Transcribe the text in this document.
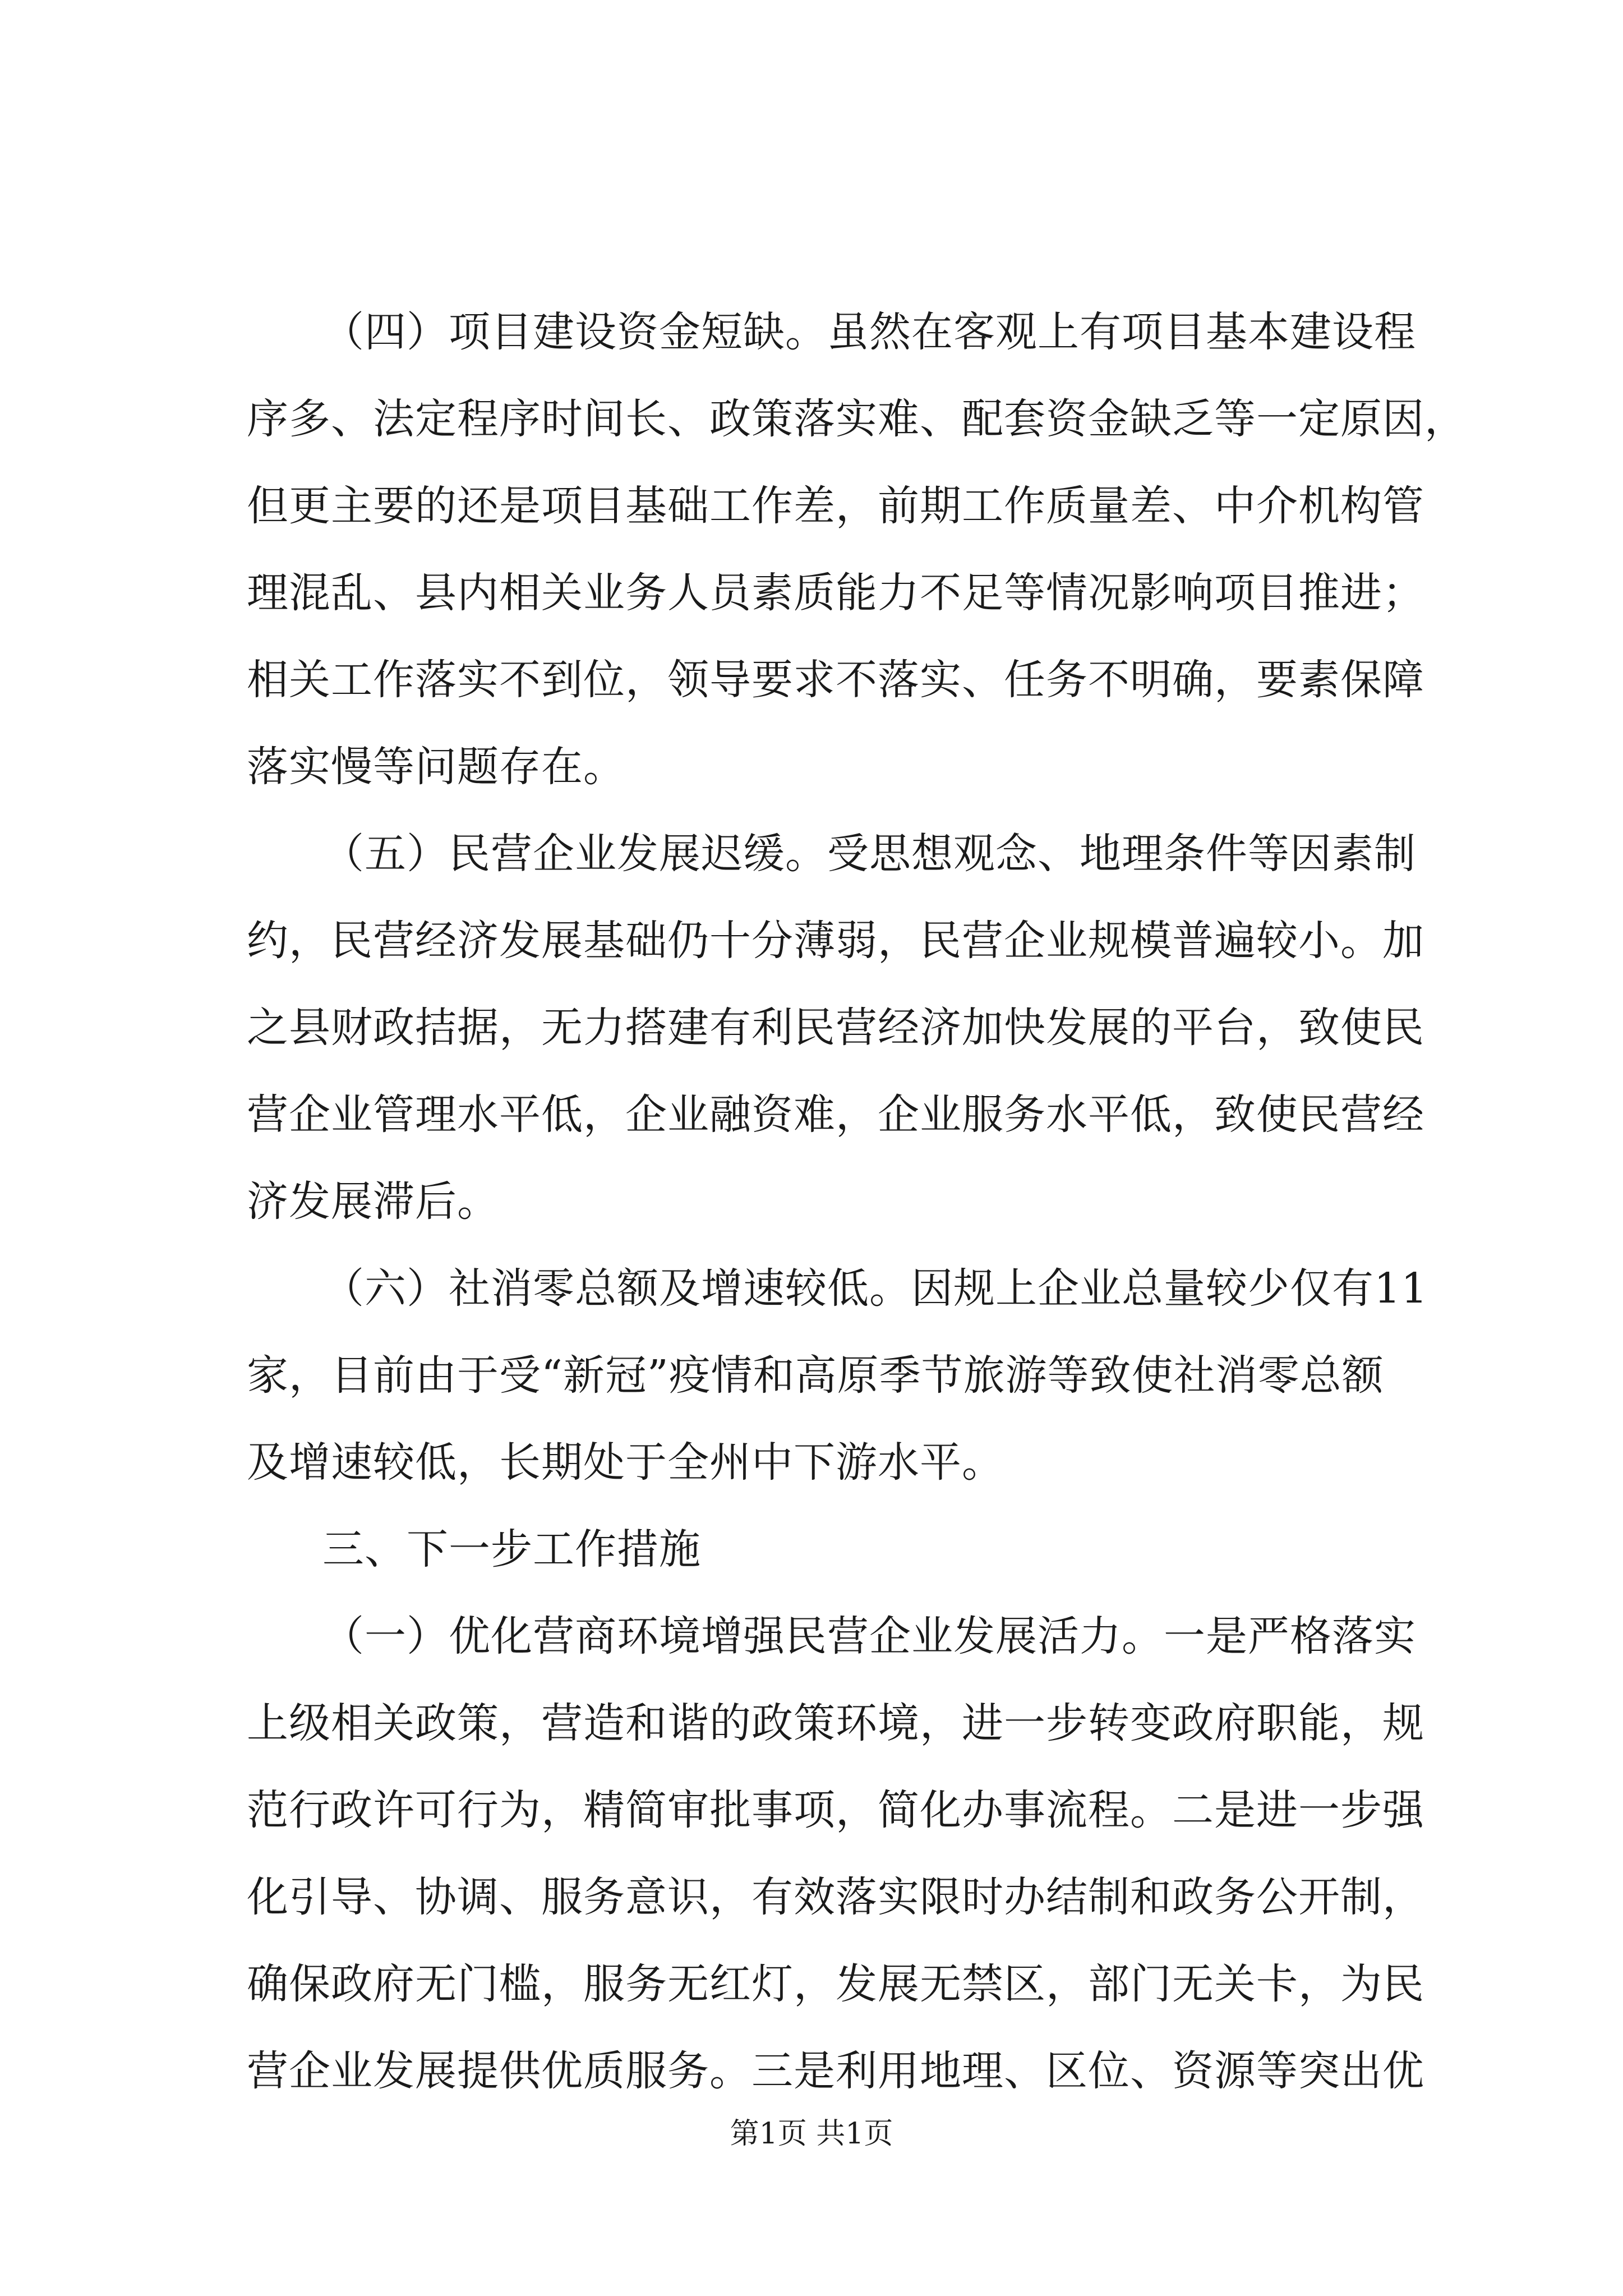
（四）项目建设资金短缺。虽然在客观上有项目基本建设程
序多、法定程序时间长、政策落实难、配套资金缺乏等一定原因，
但更主要的还是项目基础工作差，前期工作质量差、中介机构管
理混乱、县内相关业务人员素质能力不足等情况影响项目推进；
相关工作落实不到位，领导要求不落实、任务不明确，要素保障
落实慢等问题存在。
（五）民营企业发展迟缓。受思想观念、地理条件等因素制
约，民营经济发展基础仍十分薄弱，民营企业规模普遍较小。加
之县财政拮据，无力搭建有利民营经济加快发展的平台，致使民
营企业管理水平低，企业融资难，企业服务水平低，致使民营经
济发展滞后。
（六）社消零总额及增速较低。因规上企业总量较少仅有11
家，目前由于受“新冠”疫情和高原季节旅游等致使社消零总额
及增速较低，长期处于全州中下游水平。
三、下一步工作措施
（一）优化营商环境增强民营企业发展活力。一是严格落实
上级相关政策，营造和谐的政策环境，进一步转变政府职能，规
范行政许可行为，精简审批事项，简化办事流程。二是进一步强
化引导、协调、服务意识，有效落实限时办结制和政务公开制，
确保政府无门槛，服务无红灯，发展无禁区，部门无关卡，为民
营企业发展提供优质服务。三是利用地理、区位、资源等突出优
第1页 共1页
